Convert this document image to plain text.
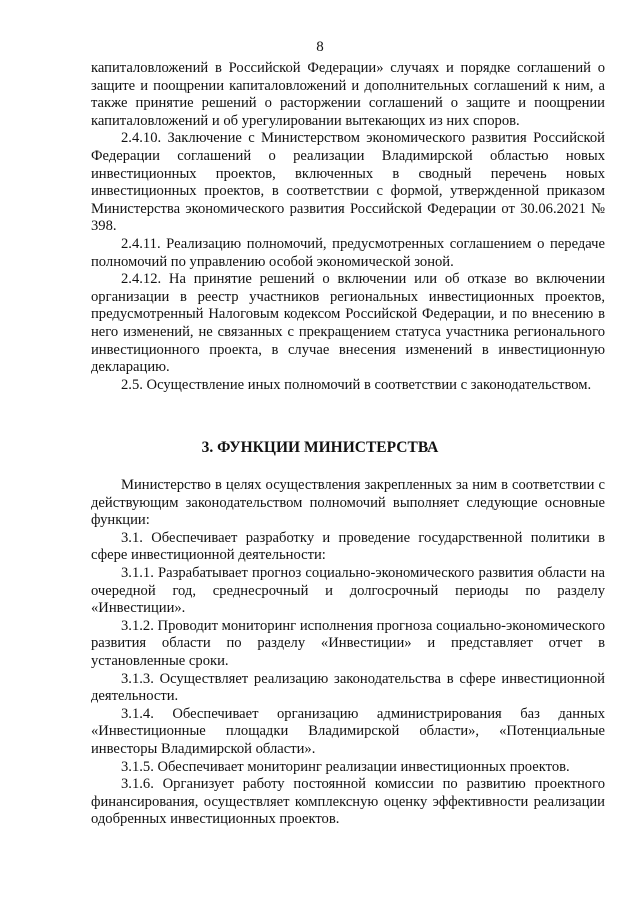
8

капиталовложений в Российской Федерации» случаях и порядке соглашений о защите и поощрении капиталовложений и дополнительных соглашений к ним, а также принятие решений о расторжении соглашений о защите и поощрении капиталовложений и об урегулировании вытекающих из них споров.

2.4.10. Заключение с Министерством экономического развития Российской Федерации соглашений о реализации Владимирской областью новых инвестиционных проектов, включенных в сводный перечень новых инвестиционных проектов, в соответствии с формой, утвержденной приказом Министерства экономического развития Российской Федерации от 30.06.2021 № 398.

2.4.11. Реализацию полномочий, предусмотренных соглашением о передаче полномочий по управлению особой экономической зоной.

2.4.12. На принятие решений о включении или об отказе во включении организации в реестр участников региональных инвестиционных проектов, предусмотренный Налоговым кодексом Российской Федерации, и по внесению в него изменений, не связанных с прекращением статуса участника регионального инвестиционного проекта, в случае внесения изменений в инвестиционную декларацию.

2.5. Осуществление иных полномочий в соответствии с законодательством.

3. ФУНКЦИИ МИНИСТЕРСТВА

Министерство в целях осуществления закрепленных за ним в соответствии с действующим законодательством полномочий выполняет следующие основные функции:

3.1. Обеспечивает разработку и проведение государственной политики в сфере инвестиционной деятельности:

3.1.1. Разрабатывает прогноз социально-экономического развития области на очередной год, среднесрочный и долгосрочный периоды по разделу «Инвестиции».

3.1.2. Проводит мониторинг исполнения прогноза социально-экономического развития области по разделу «Инвестиции» и представляет отчет в установленные сроки.

3.1.3. Осуществляет реализацию законодательства в сфере инвестиционной деятельности.

3.1.4. Обеспечивает организацию администрирования баз данных «Инвестиционные площадки Владимирской области», «Потенциальные инвесторы Владимирской области».

3.1.5. Обеспечивает мониторинг реализации инвестиционных проектов.

3.1.6. Организует работу постоянной комиссии по развитию проектного финансирования, осуществляет комплексную оценку эффективности реализации одобренных инвестиционных проектов.
